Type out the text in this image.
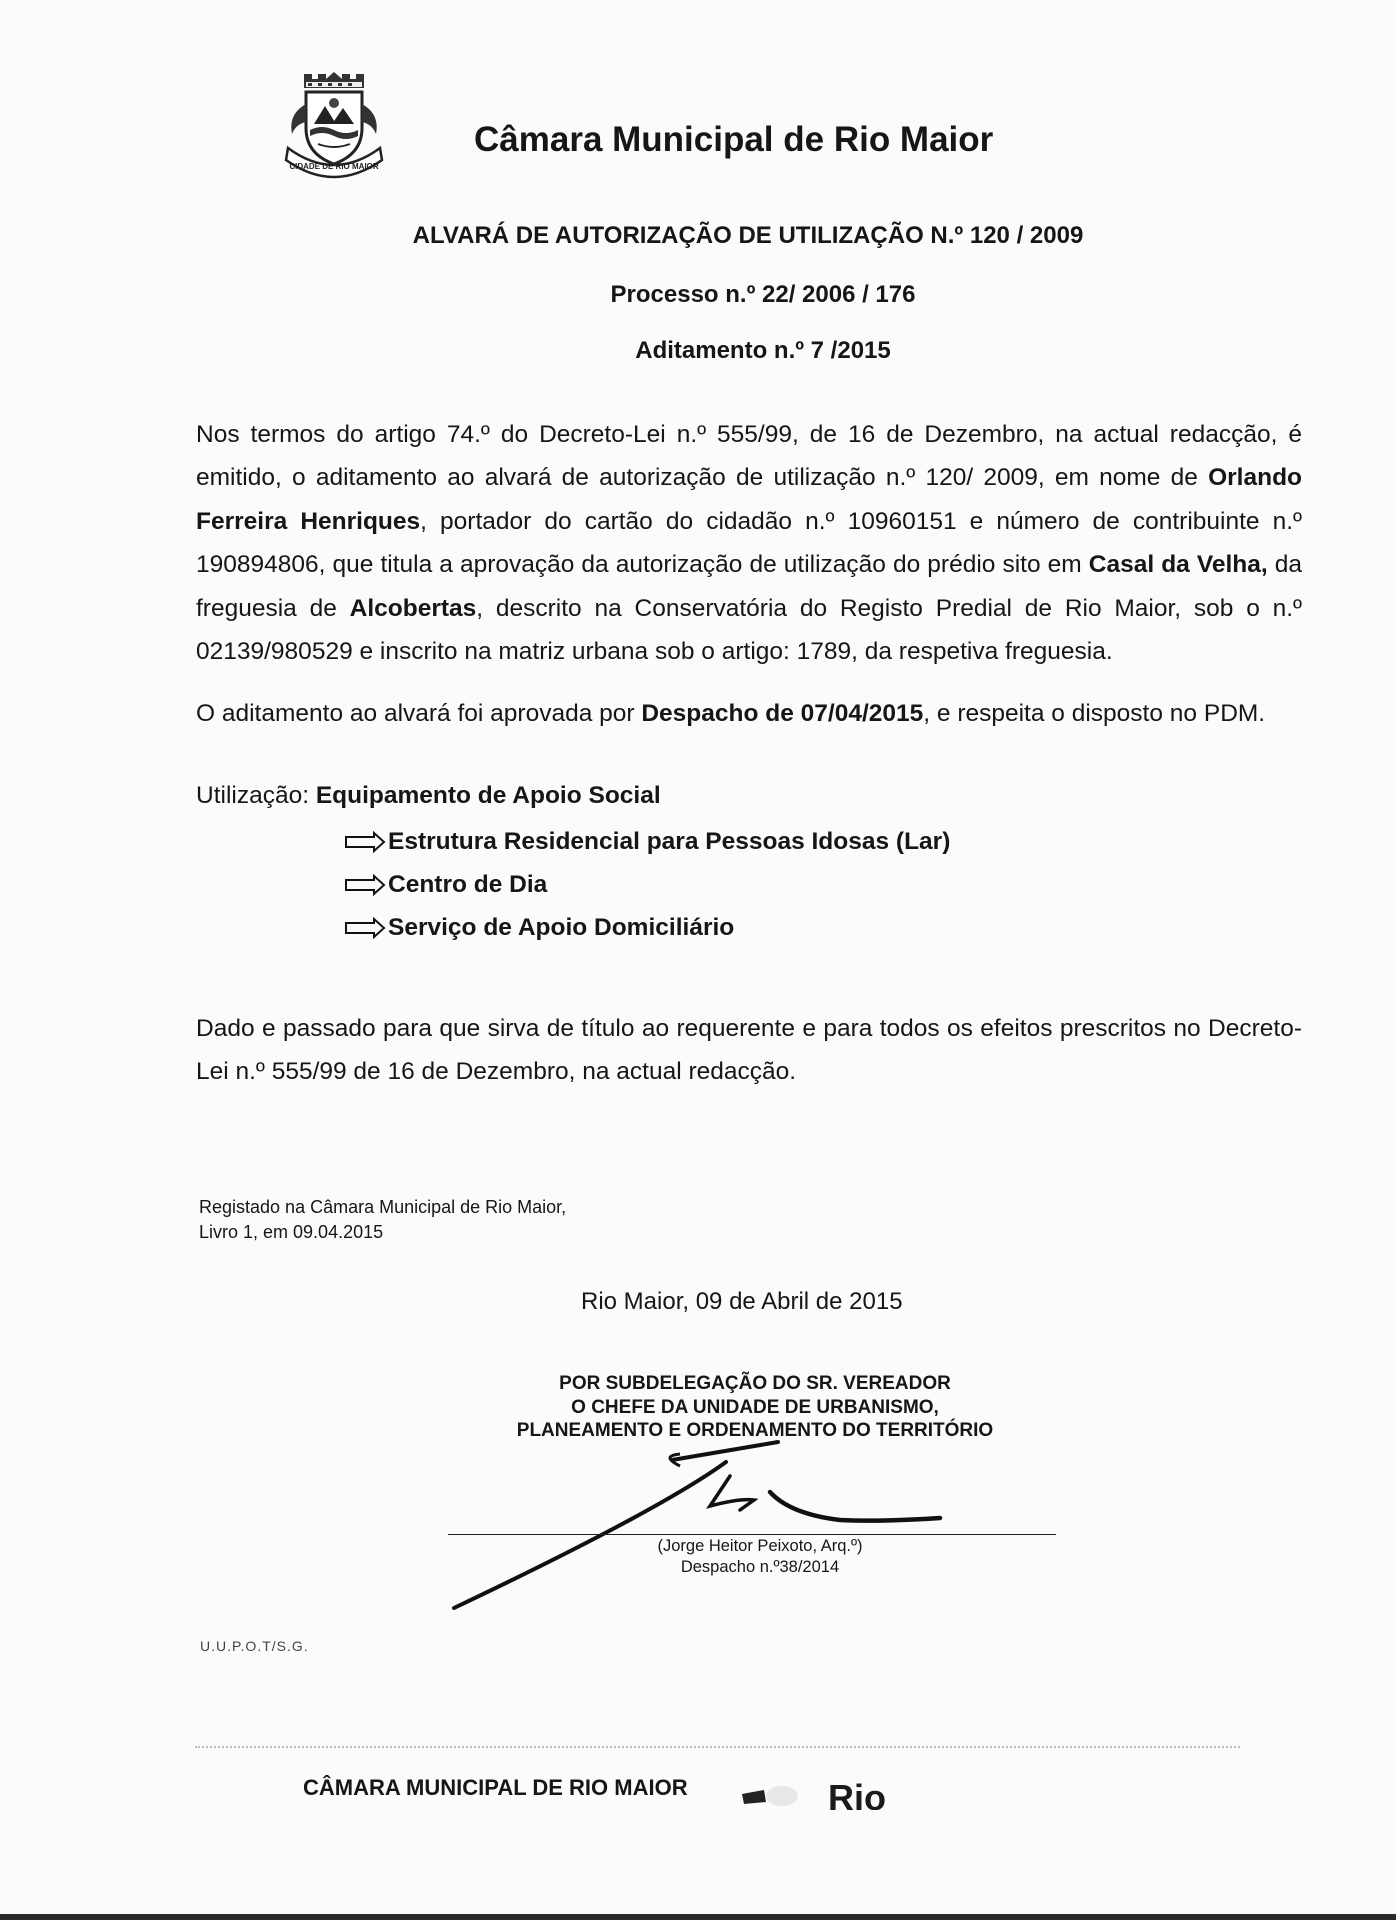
CIDADE DE RIO MAIOR
Câmara Municipal de Rio Maior
ALVARÁ DE AUTORIZAÇÃO DE UTILIZAÇÃO N.º 120 / 2009
Processo n.º 22/ 2006 / 176
Aditamento n.º 7 /2015

Nos termos do artigo 74.º do Decreto-Lei n.º 555/99, de 16 de Dezembro, na actual redacção, é emitido, o aditamento ao alvará de autorização de utilização n.º 120/ 2009, em nome de Orlando Ferreira Henriques, portador do cartão do cidadão n.º 10960151 e número de contribuinte n.º 190894806, que titula a aprovação da autorização de utilização do prédio sito em Casal da Velha, da freguesia de Alcobertas, descrito na Conservatória do Registo Predial de Rio Maior, sob o n.º 02139/980529 e inscrito na matriz urbana sob o artigo: 1789, da respetiva freguesia.

O aditamento ao alvará foi aprovada por Despacho de 07/04/2015, e respeita o disposto no PDM.

Utilização: Equipamento de Apoio Social
Estrutura Residencial para Pessoas Idosas (Lar)
Centro de Dia
Serviço de Apoio Domiciliário

Dado e passado para que sirva de título ao requerente e para todos os efeitos prescritos no Decreto-Lei n.º 555/99 de 16 de Dezembro, na actual redacção.

Registado na Câmara Municipal de Rio Maior,
Livro 1, em 09.04.2015
Rio Maior, 09 de Abril de 2015
POR SUBDELEGAÇÃO DO SR. VEREADOR
O CHEFE DA UNIDADE DE URBANISMO,
PLANEAMENTO E ORDENAMENTO DO TERRITÓRIO
(Jorge Heitor Peixoto, Arq.º)
Despacho n.º38/2014
U.U.P.O.T/S.G.
CÂMARA MUNICIPAL DE RIO MAIOR	Rio
